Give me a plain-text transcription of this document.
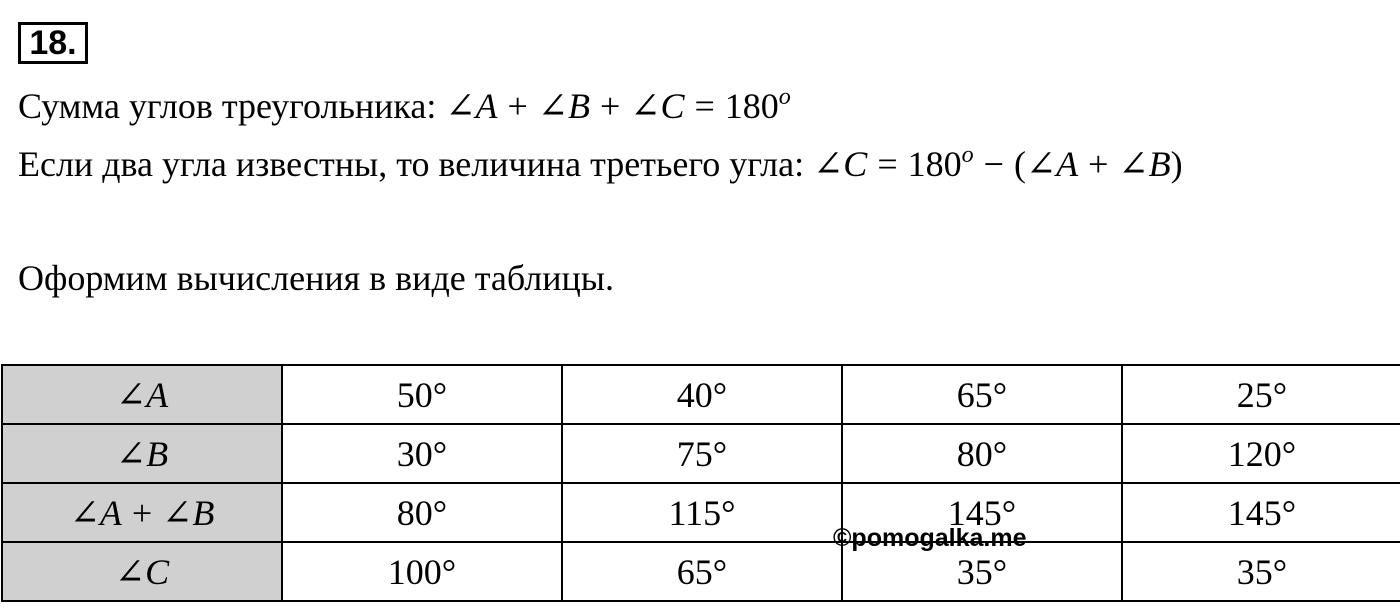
18.
Сумма углов треугольника: ∠A + ∠B + ∠C = $180^o$
Если два угла известны, то величина третьего угла: ∠C = $180^o$ − (∠A + ∠B)
Оформим вычисления в виде таблицы.
∠A	50°	40°	65°	25°
∠B	30°	75°	80°	120°
∠A + ∠B	80°	115°	145°	145°
∠C	100°	65°	35°	35°
©pomogalka.me
